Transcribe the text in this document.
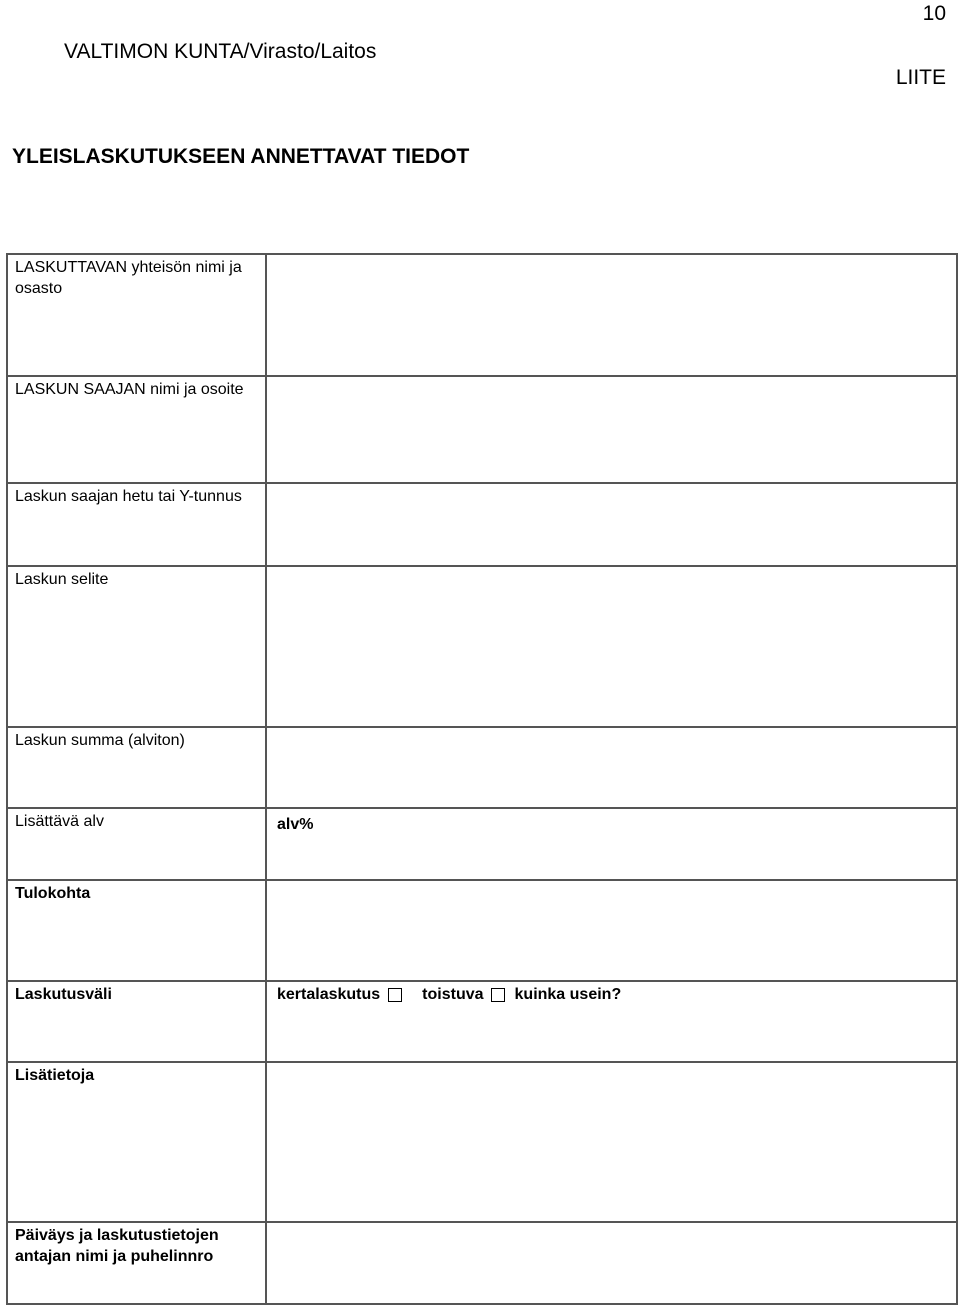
10
VALTIMON KUNTA/Virasto/Laitos
LIITE
YLEISLASKUTUKSEEN ANNETTAVAT TIEDOT
LASKUTTAVAN yhteisön nimi ja osasto	

LASKUN SAAJAN nimi ja osoite	

Laskun saajan hetu tai Y-tunnus	

Laskun selite	

Laskun summa (alviton)	

Lisättävä alv	alv%

Tulokohta	

Laskutusväli	kertalaskutus toistuva kuinka usein?

Lisätietoja	

Päiväys ja laskutustietojen antajan nimi ja puhelinnro	
